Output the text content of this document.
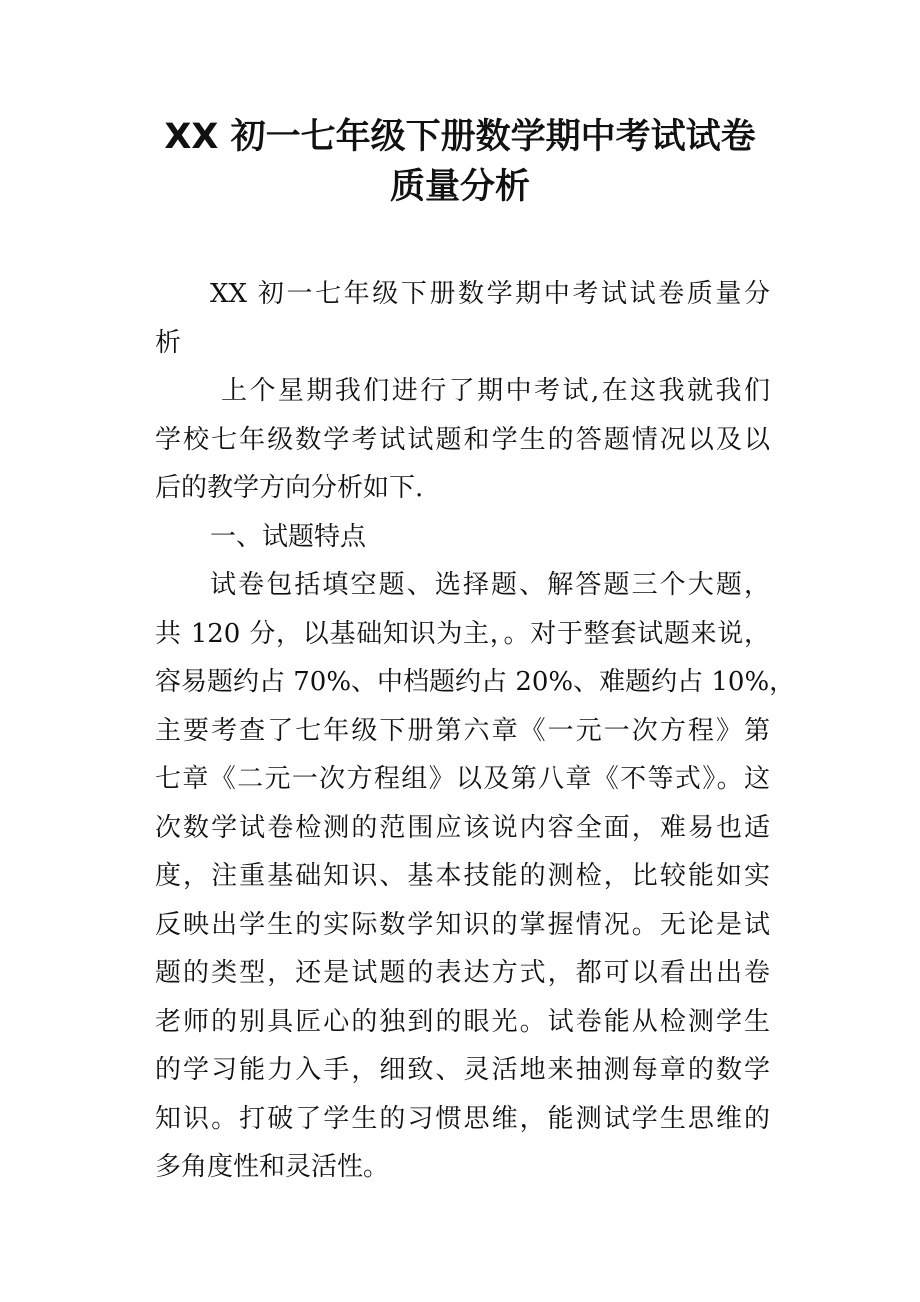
XX 初一七年级下册数学期中考试试卷
质量分析
XX 初一七年级下册数学期中考试试卷质量分
析
上个星期我们进行了期中考试,在这我就我们
学校七年级数学考试试题和学生的答题情况以及以
后的教学方向分析如下.
一、试题特点
试卷包括填空题、选择题、解答题三个大题，
共 120 分，以基础知识为主，。对于整套试题来说，
容易题约占 70%、中档题约占 20%、难题约占 10%，
主要考查了七年级下册第六章《一元一次方程》第
七章《二元一次方程组》以及第八章《不等式》。这
次数学试卷检测的范围应该说内容全面，难易也适
度，注重基础知识、基本技能的测检，比较能如实
反映出学生的实际数学知识的掌握情况。无论是试
题的类型，还是试题的表达方式，都可以看出出卷
老师的别具匠心的独到的眼光。试卷能从检测学生
的学习能力入手，细致、灵活地来抽测每章的数学
知识。打破了学生的习惯思维，能测试学生思维的
多角度性和灵活性。
